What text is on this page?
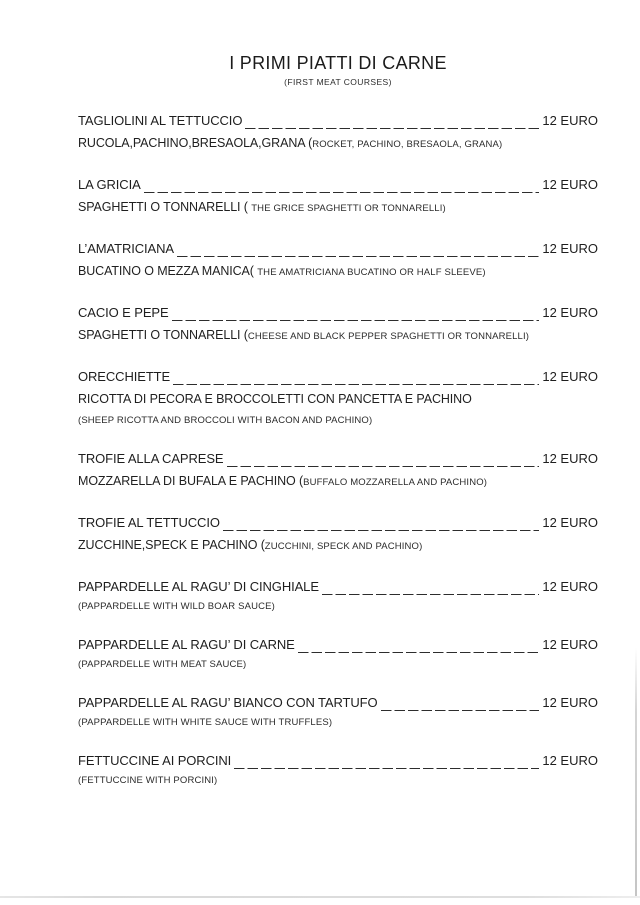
I PRIMI PIATTI DI CARNE
(FIRST MEAT COURSES)
TAGLIOLINI AL TETTUCCIO	12 EURO
RUCOLA,PACHINO,BRESAOLA,GRANA (ROCKET, PACHINO, BRESAOLA, GRANA)
LA GRICIA	12 EURO
SPAGHETTI O TONNARELLI ( THE GRICE SPAGHETTI OR TONNARELLI)
L’AMATRICIANA	12 EURO
BUCATINO O MEZZA MANICA( THE AMATRICIANA BUCATINO OR HALF SLEEVE)
CACIO E PEPE	12 EURO
SPAGHETTI O TONNARELLI (CHEESE AND BLACK PEPPER SPAGHETTI OR TONNARELLI)
ORECCHIETTE	12 EURO
RICOTTA DI PECORA E BROCCOLETTI CON PANCETTA E PACHINO
(SHEEP RICOTTA AND BROCCOLI WITH BACON AND PACHINO)
TROFIE ALLA CAPRESE	12 EURO
MOZZARELLA DI BUFALA E PACHINO (BUFFALO MOZZARELLA AND PACHINO)
TROFIE AL TETTUCCIO	12 EURO
ZUCCHINE,SPECK E PACHINO (ZUCCHINI, SPECK AND PACHINO)
PAPPARDELLE AL RAGU’ DI CINGHIALE	12 EURO
(PAPPARDELLE WITH WILD BOAR SAUCE)
PAPPARDELLE AL RAGU’ DI CARNE	12 EURO
(PAPPARDELLE WITH MEAT SAUCE)
PAPPARDELLE AL RAGU’ BIANCO CON TARTUFO	12 EURO
(PAPPARDELLE WITH WHITE SAUCE WITH TRUFFLES)
FETTUCCINE AI PORCINI	12 EURO
(FETTUCCINE WITH PORCINI)
